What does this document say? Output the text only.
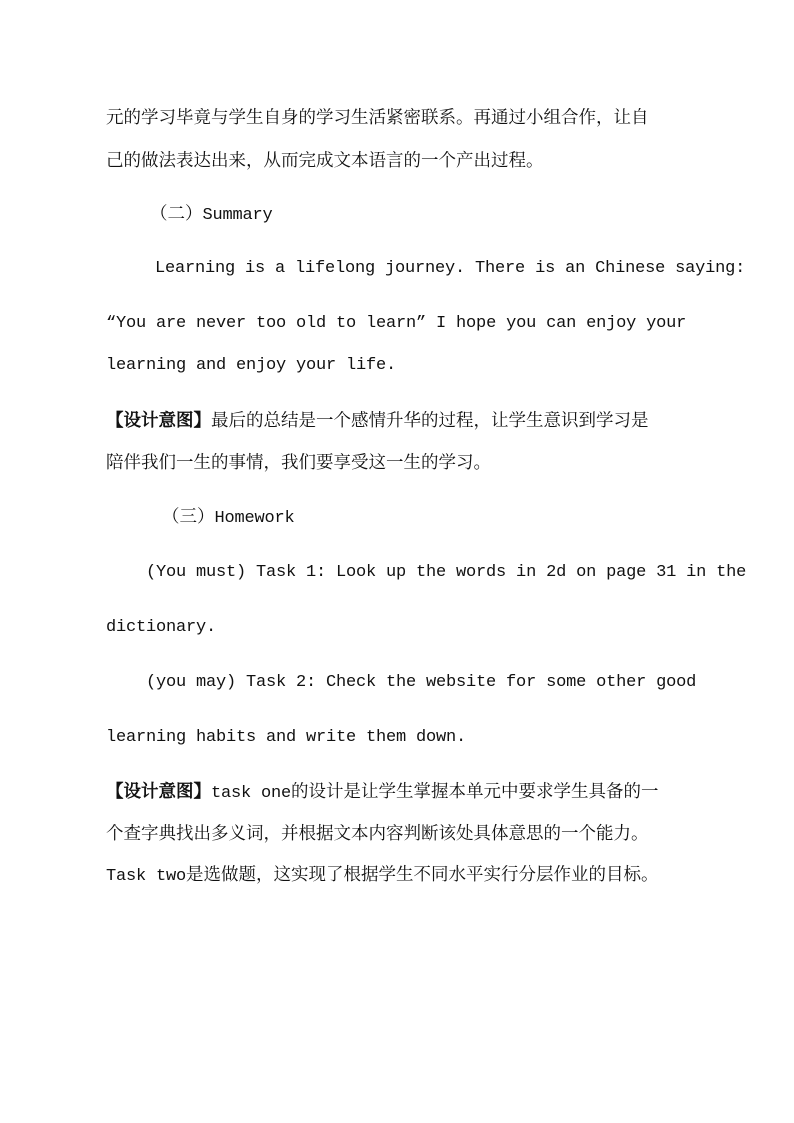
元的学习毕竟与学生自身的学习生活紧密联系。再通过小组合作，让自
己的做法表达出来，从而完成文本语言的一个产出过程。
（二）Summary
Learning is a lifelong journey. There is an Chinese saying:
“You are never too old to learn” I hope you can enjoy your
learning and enjoy your life.
【设计意图】最后的总结是一个感情升华的过程，让学生意识到学习是
陪伴我们一生的事情，我们要享受这一生的学习。
（三）Homework
(You must) Task 1: Look up the words in 2d on page 31 in the
dictionary.
(you may) Task 2: Check the website for some other good
learning habits and write them down.
【设计意图】task one的设计是让学生掌握本单元中要求学生具备的一
个查字典找出多义词，并根据文本内容判断该处具体意思的一个能力。
Task two是选做题，这实现了根据学生不同水平实行分层作业的目标。
